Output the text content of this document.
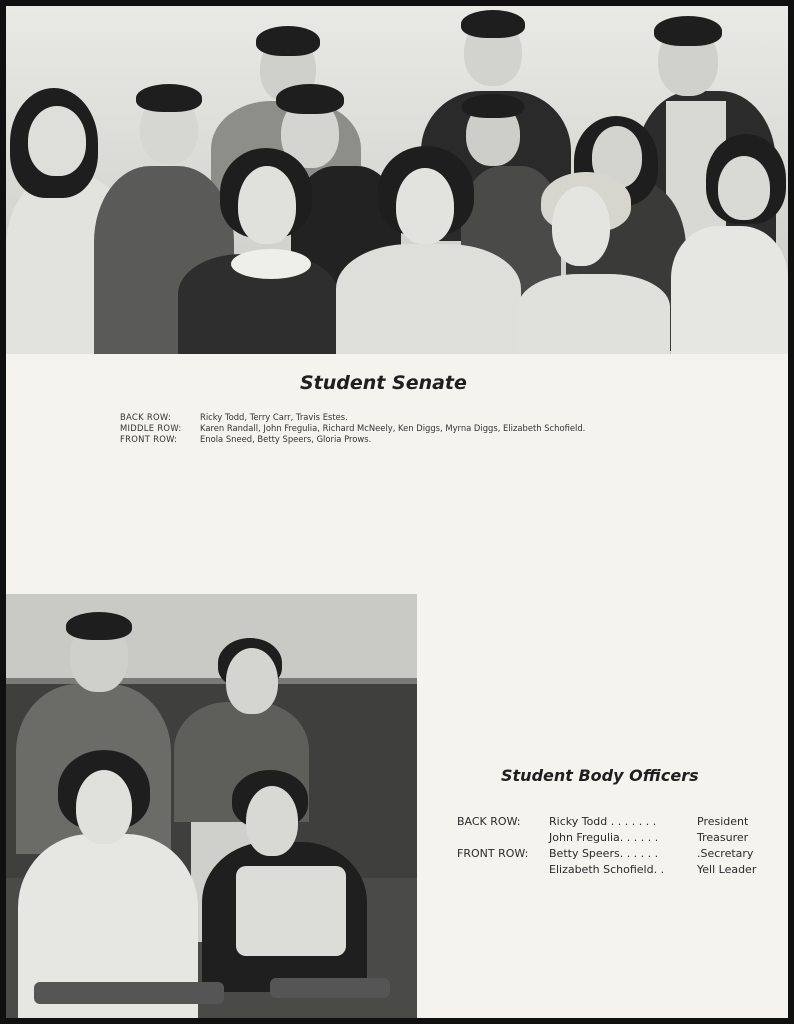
Student Senate
BACK ROW:	Ricky Todd, Terry Carr, Travis Estes.
MIDDLE ROW:	Karen Randall, John Fregulia, Richard McNeely, Ken Diggs, Myrna Diggs, Elizabeth Schofield.
FRONT ROW:	Enola Sneed, Betty Speers, Gloria Prows.
Student Body Officers
BACK ROW:	Ricky Todd . . . . . . .	President
John Fregulia. . . . . .	Treasurer
FRONT ROW:	Betty Speers. . . . . .	.Secretary
Elizabeth Schofield. .	Yell Leader
